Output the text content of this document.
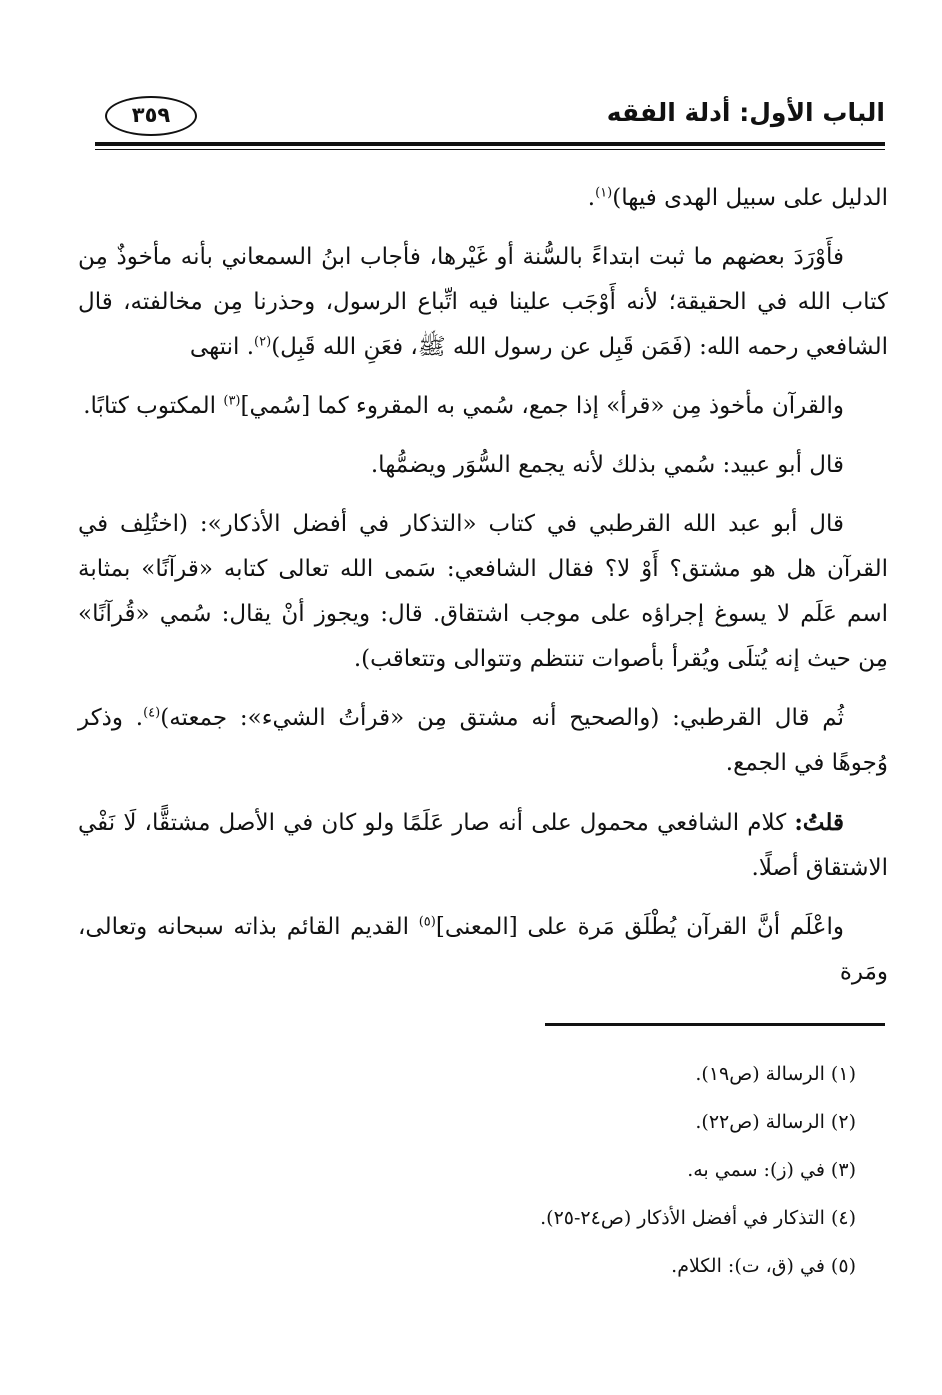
الباب الأول: أدلة الفقه
٣٥٩

الدليل على سبيل الهدى فيها)$^{(١)}$.

فأَوْرَدَ بعضهم ما ثبت ابتداءً بالسُّنة أو غَيْرها، فأجاب ابنُ السمعاني بأنه مأخوذٌ مِن كتاب الله في الحقيقة؛ لأنه أَوْجَب علينا فيه اتِّباع الرسول، وحذرنا مِن مخالفته، قال الشافعي رحمه الله: (فَمَن قَبِل عن رسول الله ﷺ، فعَنِ الله قَبِل)$^{(٢)}$. انتهى

والقرآن مأخوذ مِن «قرأ» إذا جمع، سُمي به المقروء كما [سُمي]$^{(٣)}$ المكتوب كتابًا.

قال أبو عبيد: سُمي بذلك لأنه يجمع السُّوَر ويضمُّها.

قال أبو عبد الله القرطبي في كتاب «التذكار في أفضل الأذكار»: (اختُلِف في القرآن هل هو مشتق؟ أَوْ لا؟ فقال الشافعي: سَمى الله تعالى كتابه «قرآنًا» بمثابة اسم عَلَم لا يسوغ إجراؤه على موجب اشتقاق. قال: ويجوز أنْ يقال: سُمي «قُرآنًا» مِن حيث إنه يُتلَى ويُقرأ بأصوات تنتظم وتتوالى وتتعاقب).

ثُم قال القرطبي: (والصحيح أنه مشتق مِن «قرأتُ الشيء»: جمعته)$^{(٤)}$. وذكر وُجوهًا في الجمع.

قلتُ: كلام الشافعي محمول على أنه صار عَلَمًا ولو كان في الأصل مشتقًّا، لَا نَفْي الاشتقاق أصلًا.

واعْلَم أنَّ القرآن يُطْلَق مَرة على [المعنى]$^{(٥)}$ القديم القائم بذاته سبحانه وتعالى، ومَرة

(١) الرسالة (ص١٩).

(٢) الرسالة (ص٢٢).

(٣) في (ز): سمي به.

(٤) التذكار في أفضل الأذكار (ص٢٤-٢٥).

(٥) في (ق، ت): الكلام.
